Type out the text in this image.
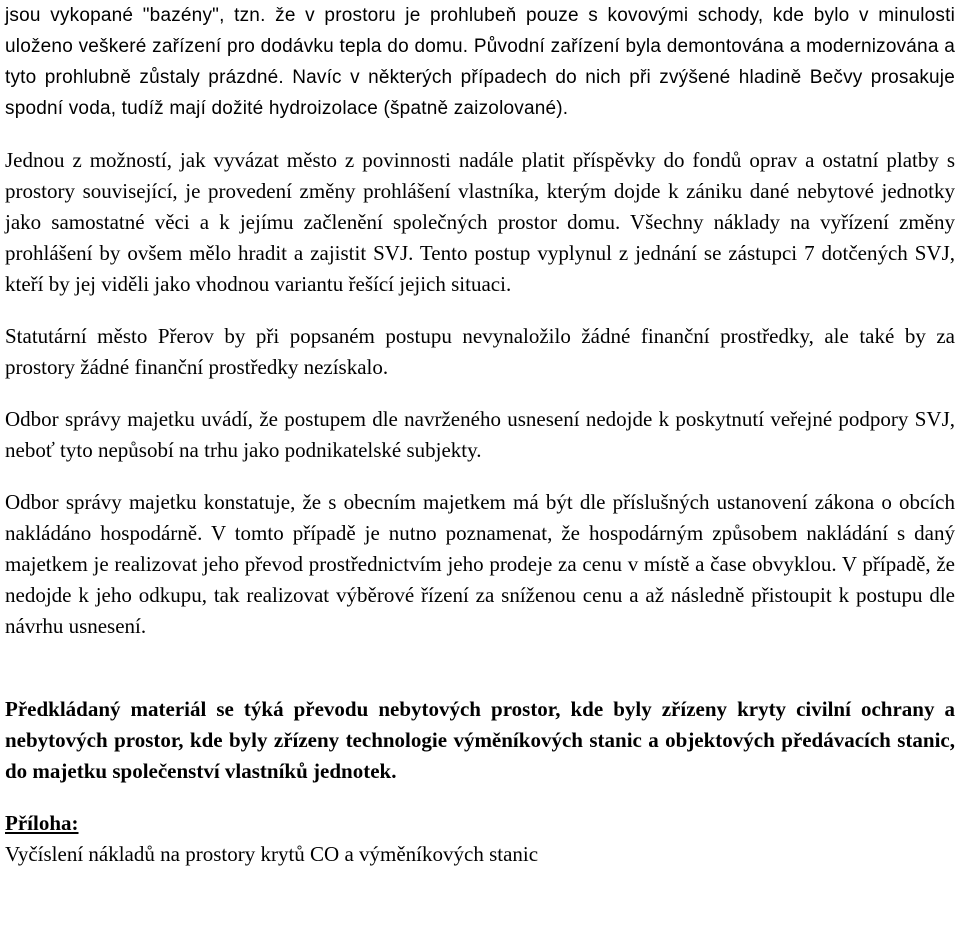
jsou vykopané "bazény", tzn. že v prostoru je prohlubeň pouze s kovovými schody, kde bylo v minulosti uloženo veškeré zařízení pro dodávku tepla do domu. Původní zařízení byla demontována a modernizována a tyto prohlubně zůstaly prázdné. Navíc v některých případech do nich při zvýšené hladině Bečvy prosakuje spodní voda, tudíž mají dožité hydroizolace (špatně zaizolované).

Jednou z možností, jak vyvázat město z povinnosti nadále platit příspěvky do fondů oprav a ostatní platby s prostory související, je provedení změny prohlášení vlastníka, kterým dojde k zániku dané nebytové jednotky jako samostatné věci a k jejímu začlenění společných prostor domu. Všechny náklady na vyřízení změny prohlášení by ovšem mělo hradit a zajistit SVJ. Tento postup vyplynul z jednání se zástupci 7 dotčených SVJ, kteří by jej viděli jako vhodnou variantu řešící jejich situaci.

Statutární město Přerov by při popsaném postupu nevynaložilo žádné finanční prostředky, ale také by za prostory žádné finanční prostředky nezískalo.

Odbor správy majetku uvádí, že postupem dle navrženého usnesení nedojde k poskytnutí veřejné podpory SVJ, neboť tyto nepůsobí na trhu jako podnikatelské subjekty.

Odbor správy majetku konstatuje, že s obecním majetkem má být dle příslušných ustanovení zákona o obcích nakládáno hospodárně. V tomto případě je nutno poznamenat, že hospodárným způsobem nakládání s daný majetkem je realizovat jeho převod prostřednictvím jeho prodeje za cenu v místě a čase obvyklou. V případě, že nedojde k jeho odkupu, tak realizovat výběrové řízení za sníženou cenu a až následně přistoupit k postupu dle návrhu usnesení.

Předkládaný materiál se týká převodu nebytových prostor, kde byly zřízeny kryty civilní ochrany a nebytových prostor, kde byly zřízeny technologie výměníkových stanic a objektových předávacích stanic, do majetku společenství vlastníků jednotek.

Příloha:

Vyčíslení nákladů na prostory krytů CO a výměníkových stanic
